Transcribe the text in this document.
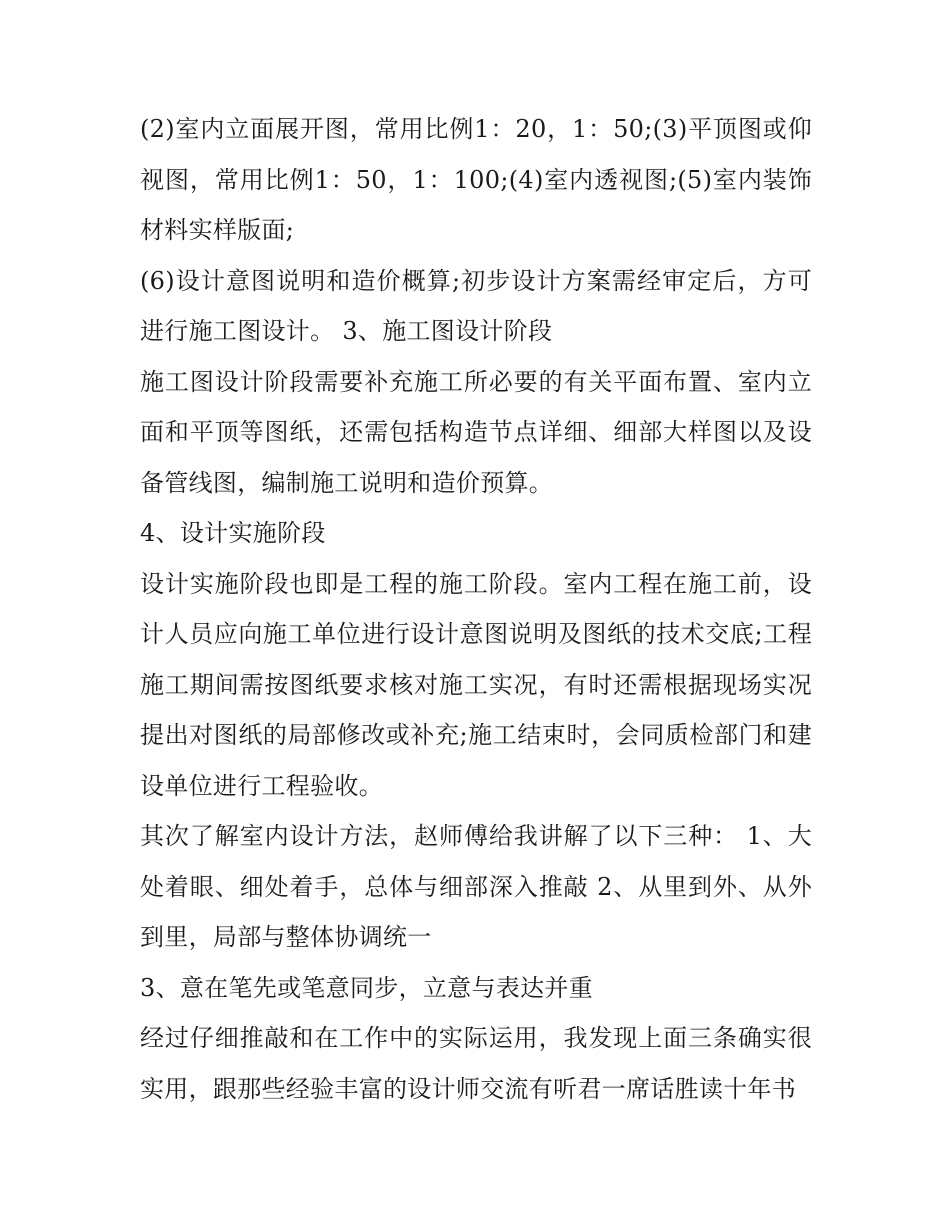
(2)室内立面展开图，常用比例1：20，1：50;(3)平顶图或仰视图，常用比例1：50，1：100;(4)室内透视图;(5)室内装饰材料实样版面;

(6)设计意图说明和造价概算;初步设计方案需经审定后，方可进行施工图设计。 3、施工图设计阶段

施工图设计阶段需要补充施工所必要的有关平面布置、室内立面和平顶等图纸，还需包括构造节点详细、细部大样图以及设备管线图，编制施工说明和造价预算。

4、设计实施阶段

设计实施阶段也即是工程的施工阶段。室内工程在施工前，设计人员应向施工单位进行设计意图说明及图纸的技术交底;工程施工期间需按图纸要求核对施工实况，有时还需根据现场实况提出对图纸的局部修改或补充;施工结束时，会同质检部门和建设单位进行工程验收。

其次了解室内设计方法，赵师傅给我讲解了以下三种： 1、大处着眼、细处着手，总体与细部深入推敲 2、从里到外、从外到里，局部与整体协调统一

3、意在笔先或笔意同步，立意与表达并重

经过仔细推敲和在工作中的实际运用，我发现上面三条确实很实用，跟那些经验丰富的设计师交流有听君一席话胜读十年书
